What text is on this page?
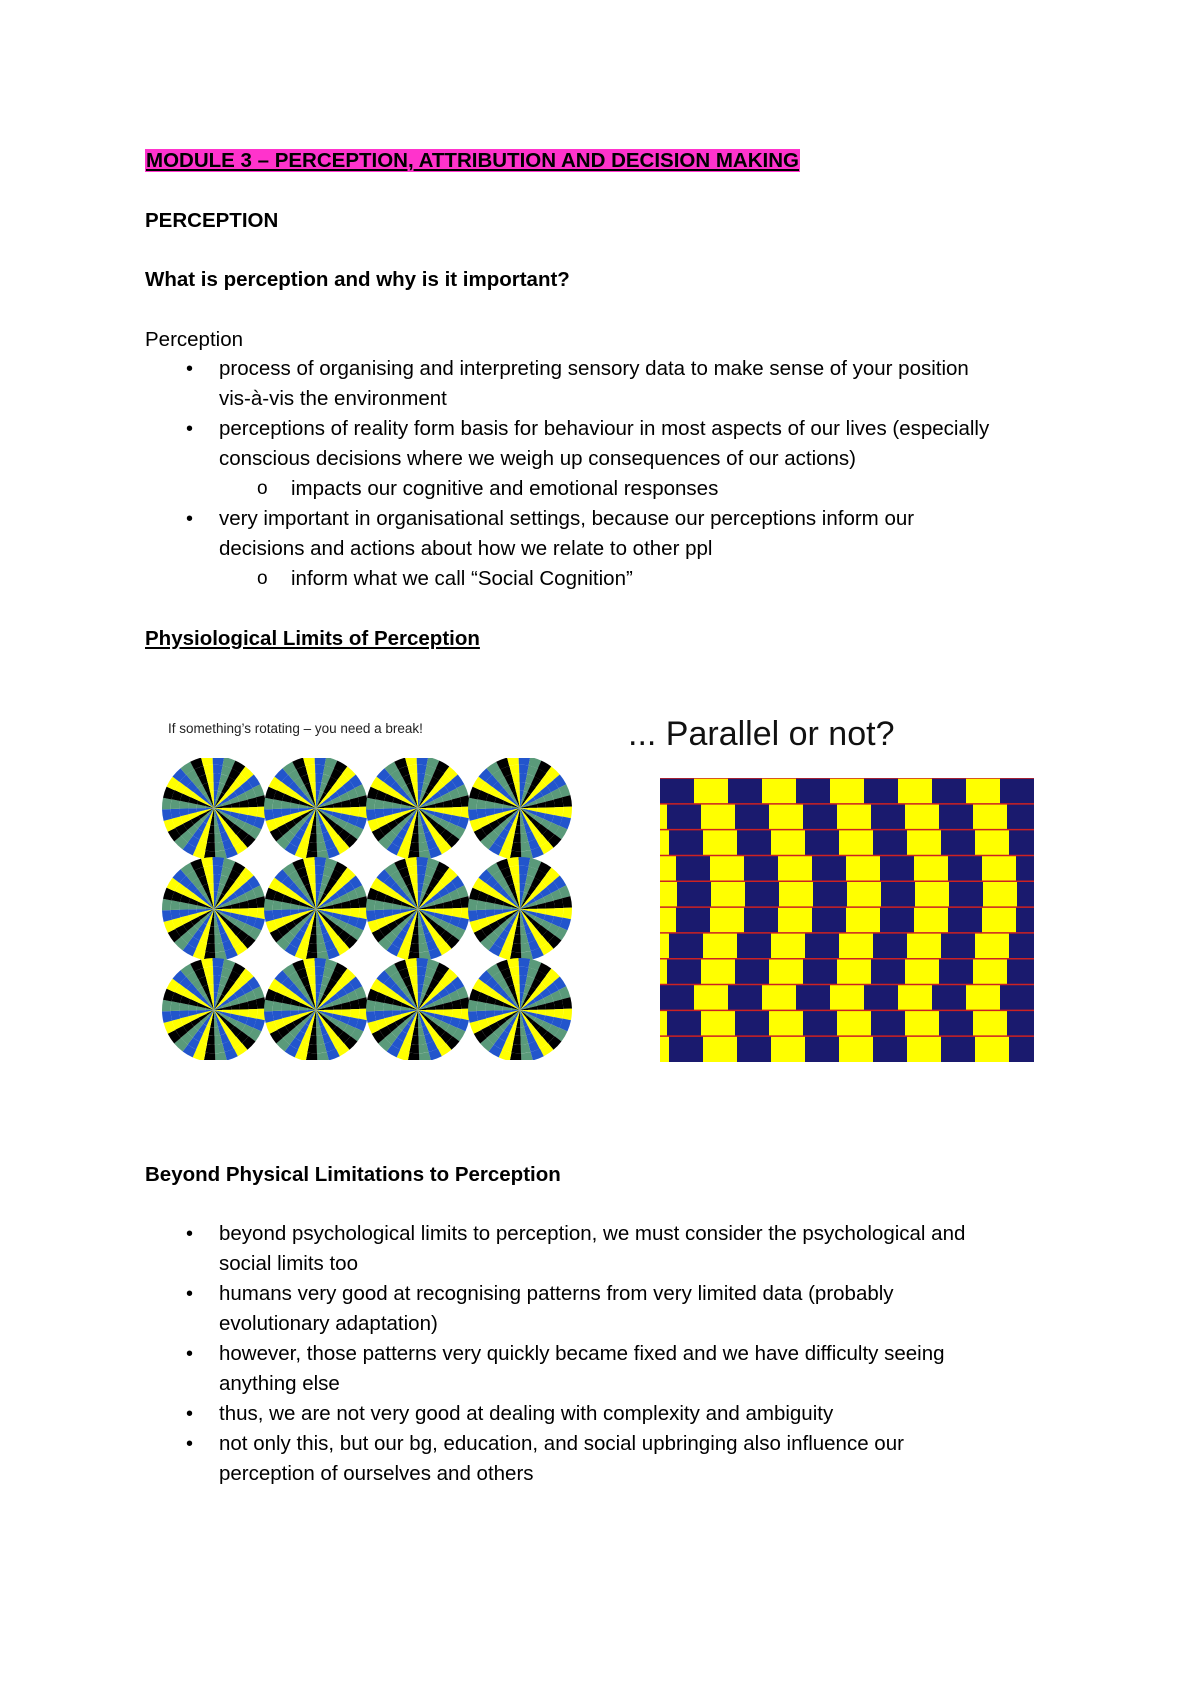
MODULE 3 – PERCEPTION, ATTRIBUTION AND DECISION MAKING
PERCEPTION
What is perception and why is it important?
Perception
• process of organising and interpreting sensory data to make sense of your position
vis-à-vis the environment
• perceptions of reality form basis for behaviour in most aspects of our lives (especially
conscious decisions where we weigh up consequences of our actions)
o impacts our cognitive and emotional responses
• very important in organisational settings, because our perceptions inform our
decisions and actions about how we relate to other ppl
o inform what we call “Social Cognition”
Physiological Limits of Perception
If something’s rotating – you need a break!	... Parallel or not?
Beyond Physical Limitations to Perception
• beyond psychological limits to perception, we must consider the psychological and
social limits too
• humans very good at recognising patterns from very limited data (probably
evolutionary adaptation)
• however, those patterns very quickly became fixed and we have difficulty seeing
anything else
• thus, we are not very good at dealing with complexity and ambiguity
• not only this, but our bg, education, and social upbringing also influence our
perception of ourselves and others
